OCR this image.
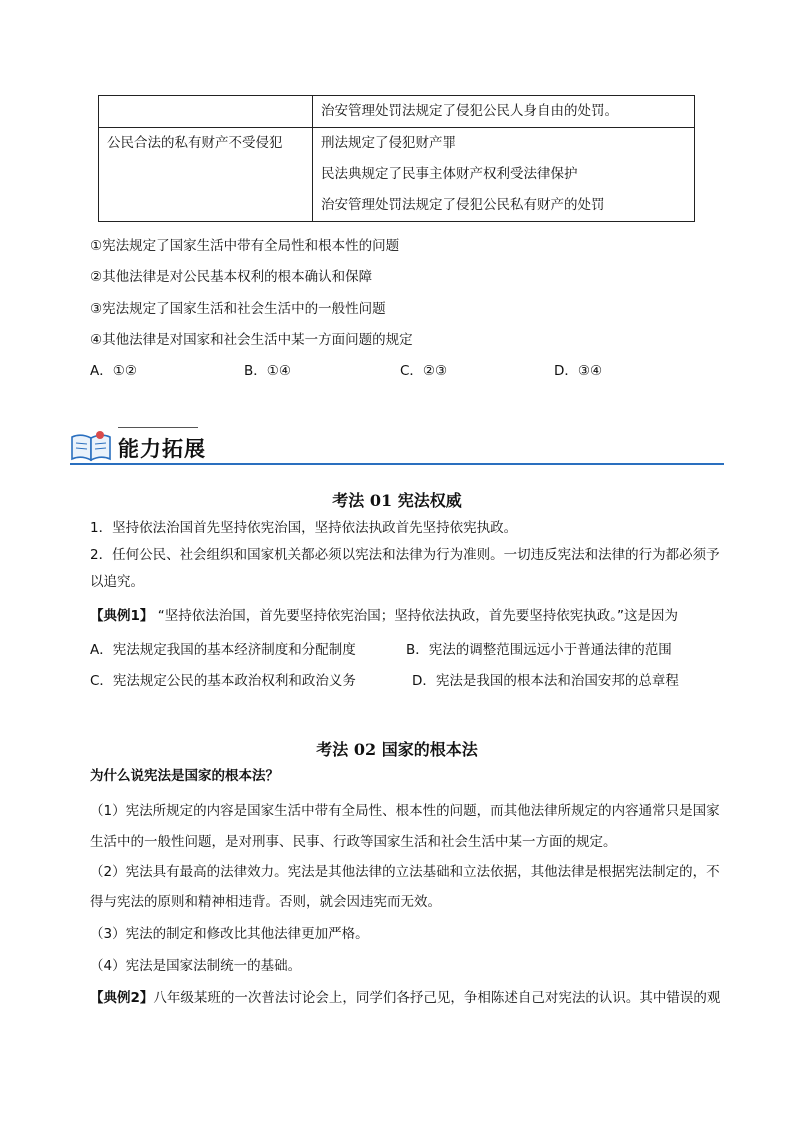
	治安管理处罚法规定了侵犯公民人身自由的处罚。

公民合法的私有财产不受侵犯	刑法规定了侵犯财产罪
民法典规定了民事主体财产权利受法律保护
治安管理处罚法规定了侵犯公民私有财产的处罚
①宪法规定了国家生活中带有全局性和根本性的问题
②其他法律是对公民基本权利的根本确认和保障
③宪法规定了国家生活和社会生活中的一般性问题
④其他法律是对国家和社会生活中某一方面问题的规定
A．①②	B．①④	C．②③	D．③④
能力拓展
考法 01 宪法权威
1．坚持依法治国首先坚持依宪治国，坚持依法执政首先坚持依宪执政。
2．任何公民、社会组织和国家机关都必须以宪法和法律为行为准则。一切违反宪法和法律的行为都必须予
以追究。
【典例1】 “坚持依法治国，首先要坚持依宪治国；坚持依法执政，首先要坚持依宪执政。”这是因为
A．宪法规定我国的基本经济制度和分配制度	B．宪法的调整范围远远小于普通法律的范围
C．宪法规定公民的基本政治权利和政治义务	D．宪法是我国的根本法和治国安邦的总章程
考法 02 国家的根本法
为什么说宪法是国家的根本法？
（1）宪法所规定的内容是国家生活中带有全局性、根本性的问题，而其他法律所规定的内容通常只是国家
生活中的一般性问题，是对刑事、民事、行政等国家生活和社会生活中某一方面的规定。
（2）宪法具有最高的法律效力。宪法是其他法律的立法基础和立法依据，其他法律是根据宪法制定的，不
得与宪法的原则和精神相违背。否则，就会因违宪而无效。
（3）宪法的制定和修改比其他法律更加严格。
（4）宪法是国家法制统一的基础。
【典例2】八年级某班的一次普法讨论会上，同学们各抒己见，争相陈述自己对宪法的认识。其中错误的观
